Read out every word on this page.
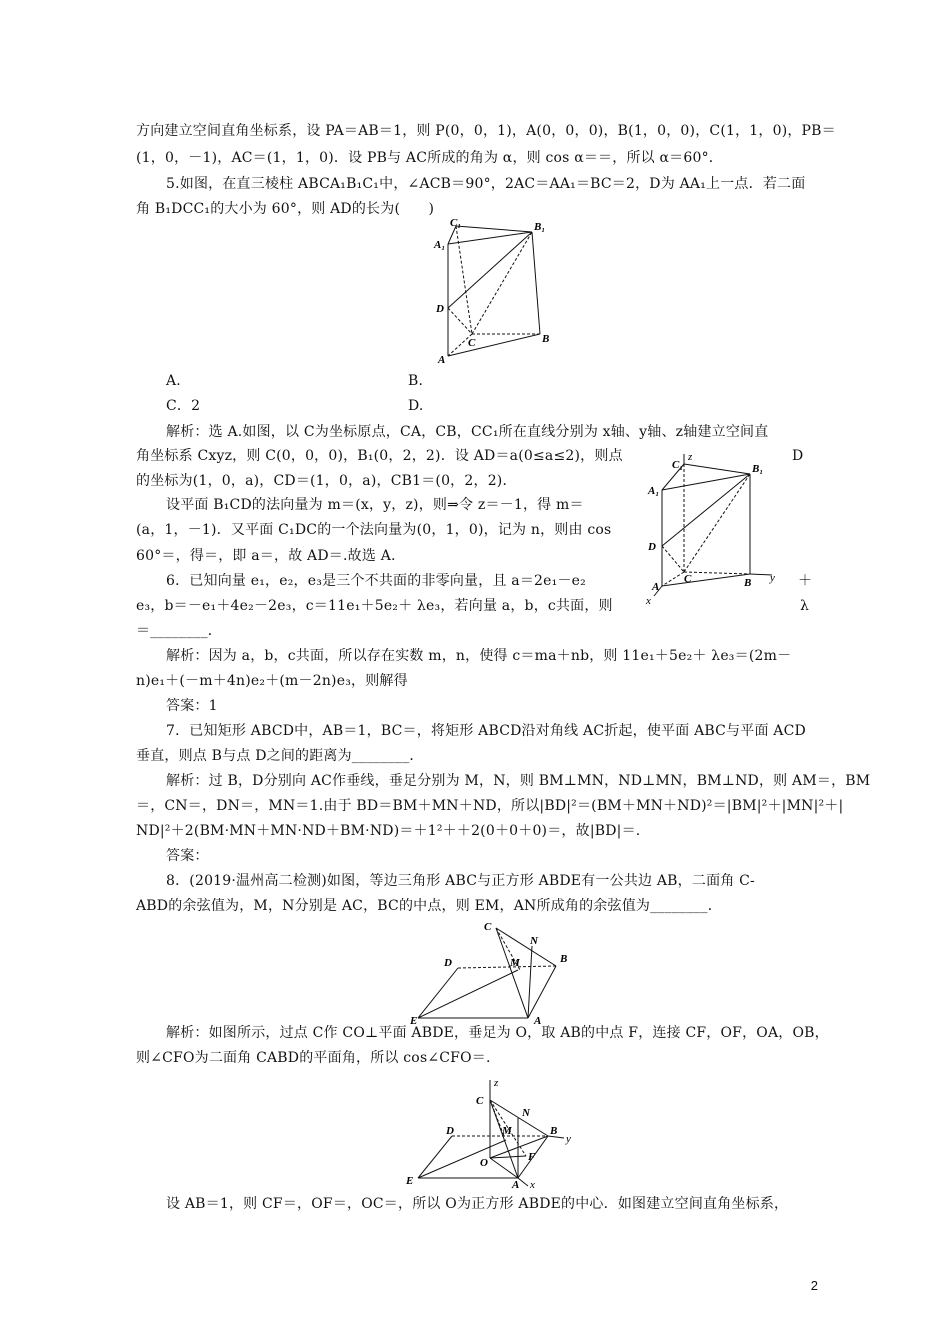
方向建立空间直角坐标系，设 PA＝AB＝1，则 P(0，0，1)，A(0，0，0)，B(1，0，0)，C(1，1，0)，PB＝
(1，0，－1)，AC＝(1，1，0)．设 PB与 AC所成的角为 α，则 cos α＝＝，所以 α＝60°．
5.如图，在直三棱柱 ABCA₁B₁C₁中，∠ACB＝90°，2AC＝AA₁＝BC＝2，D为 AA₁上一点．若二面
角 B₁DCC₁的大小为 60°，则 AD的长为(　　)
C₁	B₁
A₁
D
C	B
A
A.	B.
C．2	D.
解析：选 A.如图，以 C为坐标原点，CA，CB，CC₁所在直线分别为 x轴、y轴、z轴建立空间直
角坐标系 Cxyz，则 C(0，0，0)，B₁(0，2，2)．设 AD＝a(0≤a≤2)，则点	D
的坐标为(1，0，a)，CD＝(1，0，a)，CB1＝(0，2，2)．
设平面 B₁CD的法向量为 m＝(x，y，z)，则⇒令 z＝－1，得 m＝
(a，1，－1)．又平面 C₁DC的一个法向量为(0，1，0)，记为 n，则由 cos
60°＝，得＝，即 a＝，故 AD＝.故选 A.
z
C₁	B₁
A₁
D
C	B y
A
x
6．已知向量 e₁，e₂，e₃是三个不共面的非零向量，且 a＝2e₁－e₂	＋
e₃，b＝－e₁＋4e₂－2e₃，c＝11e₁＋5e₂＋ λe₃，若向量 a，b，c共面，则	λ
＝________．
解析：因为 a，b，c共面，所以存在实数 m，n，使得 c＝ma＋nb，则 11e₁＋5e₂＋ λe₃＝(2m－
n)e₁＋(－m＋4n)e₂＋(m－2n)e₃，则解得
答案：1
7．已知矩形 ABCD中，AB＝1，BC＝，将矩形 ABCD沿对角线 AC折起，使平面 ABC与平面 ACD
垂直，则点 B与点 D之间的距离为________．
解析：过 B，D分别向 AC作垂线，垂足分别为 M，N，则 BM⊥MN，ND⊥MN，BM⊥ND，则 AM＝，BM
＝，CN＝，DN＝，MN＝1.由于 BD＝BM＋MN＋ND，所以|BD|²＝(BM＋MN＋ND)²＝|BM|²＋|MN|²＋|
ND|²＋2(BM·MN＋MN·ND＋BM·ND)＝＋1²＋＋2(0＋0＋0)＝，故|BD|＝.
答案：
8．(2019·温州高二检测)如图，等边三角形 ABC与正方形 ABDE有一公共边 AB，二面角 C-
ABD的余弦值为，M，N分别是 AC，BC的中点，则 EM，AN所成角的余弦值为________．
C
N
D	M	B
E	A
解析：如图所示，过点 C作 CO⊥平面 ABDE，垂足为 O，取 AB的中点 F，连接 CF，OF，OA，OB，
则∠CFO为二面角 CABD的平面角，所以 cos∠CFO＝.
z
C
N
D	M	B
y
O	F
E	A x
设 AB＝1，则 CF＝，OF＝，OC＝，所以 O为正方形 ABDE的中心．如图建立空间直角坐标系，
2
